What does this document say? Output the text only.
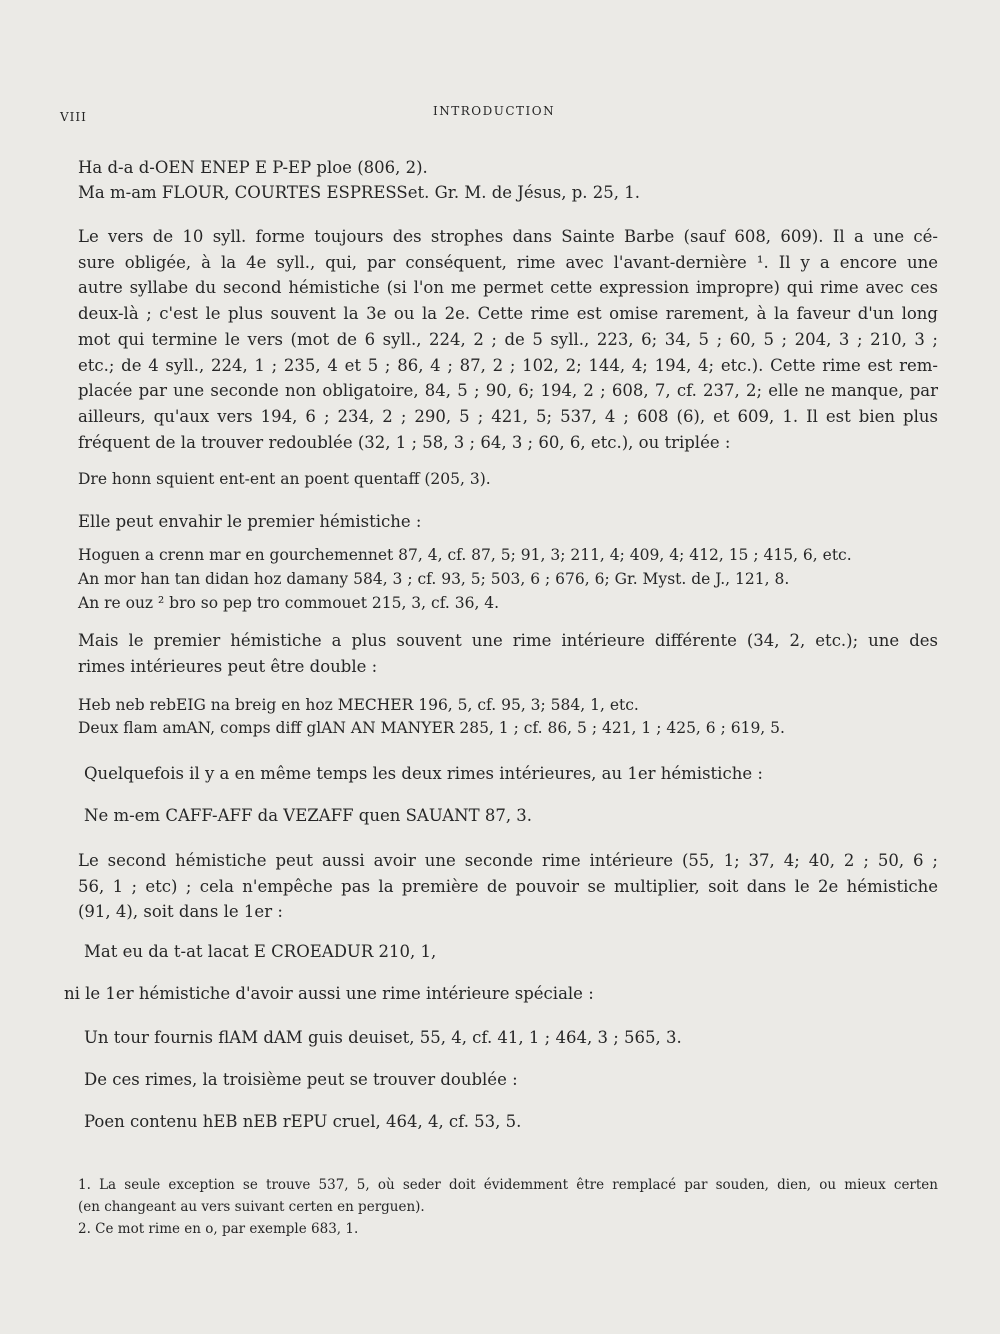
VIII	INTRODUCTION
Ha d-a d-OEN ENEP E P-EP ploe (806, 2).
Ma m-am FLOUR, COURTES ESPRESSet. Gr. M. de Jésus, p. 25, 1.
Le vers de 10 syll. forme toujours des strophes dans Sainte Barbe (sauf 608, 609). Il a une cé-
sure obligée, à la 4e syll., qui, par conséquent, rime avec l'avant-dernière ¹. Il y a encore une
autre syllabe du second hémistiche (si l'on me permet cette expression impropre) qui rime avec ces
deux-là ; c'est le plus souvent la 3e ou la 2e. Cette rime est omise rarement, à la faveur d'un long
mot qui termine le vers (mot de 6 syll., 224, 2 ; de 5 syll., 223, 6; 34, 5 ; 60, 5 ; 204, 3 ; 210, 3 ;
etc.; de 4 syll., 224, 1 ; 235, 4 et 5 ; 86, 4 ; 87, 2 ; 102, 2; 144, 4; 194, 4; etc.). Cette rime est rem-
placée par une seconde non obligatoire, 84, 5 ; 90, 6; 194, 2 ; 608, 7, cf. 237, 2; elle ne manque, par
ailleurs, qu'aux vers 194, 6 ; 234, 2 ; 290, 5 ; 421, 5; 537, 4 ; 608 (6), et 609, 1. Il est bien plus
fréquent de la trouver redoublée (32, 1 ; 58, 3 ; 64, 3 ; 60, 6, etc.), ou triplée :
Dre honn squient ent-ent an poent quentaff (205, 3).
Elle peut envahir le premier hémistiche :
Hoguen a crenn mar en gourchemennet 87, 4, cf. 87, 5; 91, 3; 211, 4; 409, 4; 412, 15 ; 415, 6, etc.
An mor han tan didan hoz damany 584, 3 ; cf. 93, 5; 503, 6 ; 676, 6; Gr. Myst. de J., 121, 8.
An re ouz ² bro so pep tro commouet 215, 3, cf. 36, 4.
Mais le premier hémistiche a plus souvent une rime intérieure différente (34, 2, etc.); une des
rimes intérieures peut être double :
Heb neb rebEIG na breig en hoz MECHER 196, 5, cf. 95, 3; 584, 1, etc.
Deux flam amAN, comps diff glAN AN MANYER 285, 1 ; cf. 86, 5 ; 421, 1 ; 425, 6 ; 619, 5.
Quelquefois il y a en même temps les deux rimes intérieures, au 1er hémistiche :
Ne m-em CAFF-AFF da VEZAFF quen SAUANT 87, 3.
Le second hémistiche peut aussi avoir une seconde rime intérieure (55, 1; 37, 4; 40, 2 ; 50, 6 ;
56, 1 ; etc) ; cela n'empêche pas la première de pouvoir se multiplier, soit dans le 2e hémistiche
(91, 4), soit dans le 1er :
Mat eu da t-at lacat E CROEADUR 210, 1,
ni le 1er hémistiche d'avoir aussi une rime intérieure spéciale :
Un tour fournis flAM dAM guis deuiset, 55, 4, cf. 41, 1 ; 464, 3 ; 565, 3.
De ces rimes, la troisième peut se trouver doublée :
Poen contenu hEB nEB rEPU cruel, 464, 4, cf. 53, 5.
1. La seule exception se trouve 537, 5, où seder doit évidemment être remplacé par souden, dien, ou mieux certen
(en changeant au vers suivant certen en perguen).
2. Ce mot rime en o, par exemple 683, 1.
